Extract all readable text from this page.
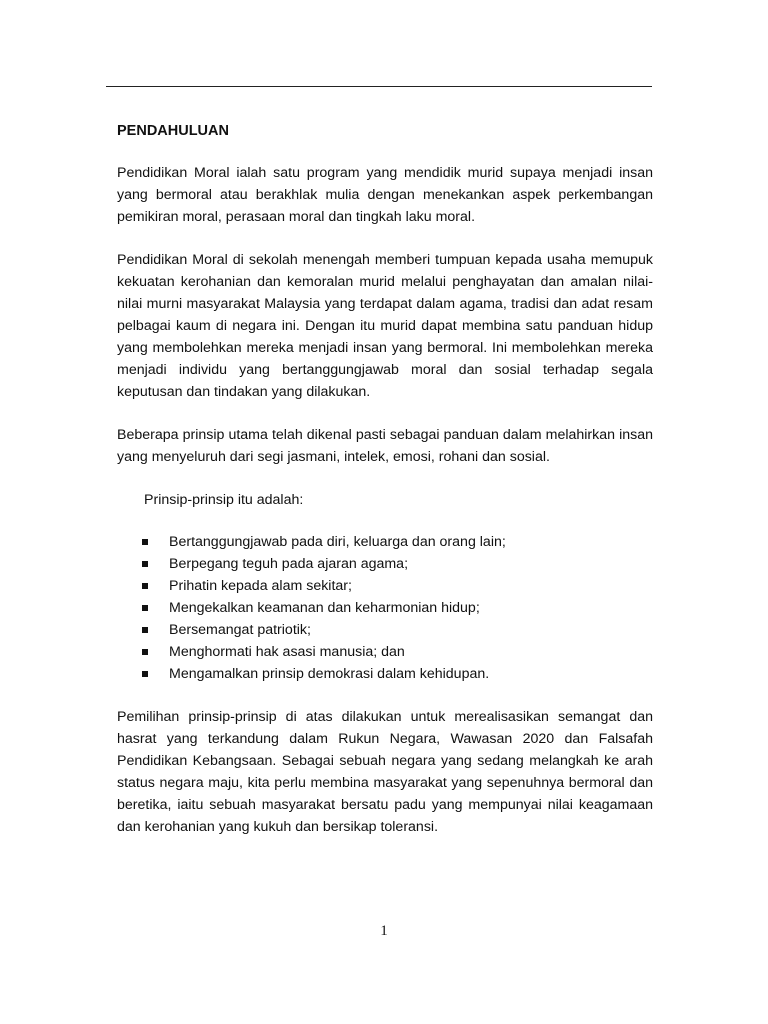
PENDAHULUAN

Pendidikan Moral ialah satu program yang mendidik murid supaya menjadi insan yang bermoral atau berakhlak mulia dengan menekankan aspek perkembangan pemikiran moral, perasaan moral dan tingkah laku moral.

Pendidikan Moral di sekolah menengah memberi tumpuan kepada usaha memupuk kekuatan kerohanian dan kemoralan murid melalui penghayatan dan amalan nilai-nilai murni masyarakat Malaysia yang terdapat dalam agama, tradisi dan adat resam pelbagai kaum di negara ini. Dengan itu murid dapat membina satu panduan hidup yang membolehkan mereka menjadi insan yang bermoral. Ini membolehkan mereka menjadi individu yang bertanggungjawab moral dan sosial terhadap segala keputusan dan tindakan yang dilakukan.

Beberapa prinsip utama telah dikenal pasti sebagai panduan dalam melahirkan insan yang menyeluruh dari segi jasmani, intelek, emosi, rohani dan sosial.

Prinsip-prinsip itu adalah:

Bertanggungjawab pada diri, keluarga dan orang lain;
Berpegang teguh pada ajaran agama;
Prihatin kepada alam sekitar;
Mengekalkan keamanan dan keharmonian hidup;
Bersemangat patriotik;
Menghormati hak asasi manusia; dan
Mengamalkan prinsip demokrasi dalam kehidupan.

Pemilihan prinsip-prinsip di atas dilakukan untuk merealisasikan semangat dan hasrat yang terkandung dalam Rukun Negara, Wawasan 2020 dan Falsafah Pendidikan Kebangsaan. Sebagai sebuah negara yang sedang melangkah ke arah status negara maju, kita perlu membina masyarakat yang sepenuhnya bermoral dan beretika, iaitu sebuah masyarakat bersatu padu yang mempunyai nilai keagamaan dan kerohanian yang kukuh dan bersikap toleransi.

1
